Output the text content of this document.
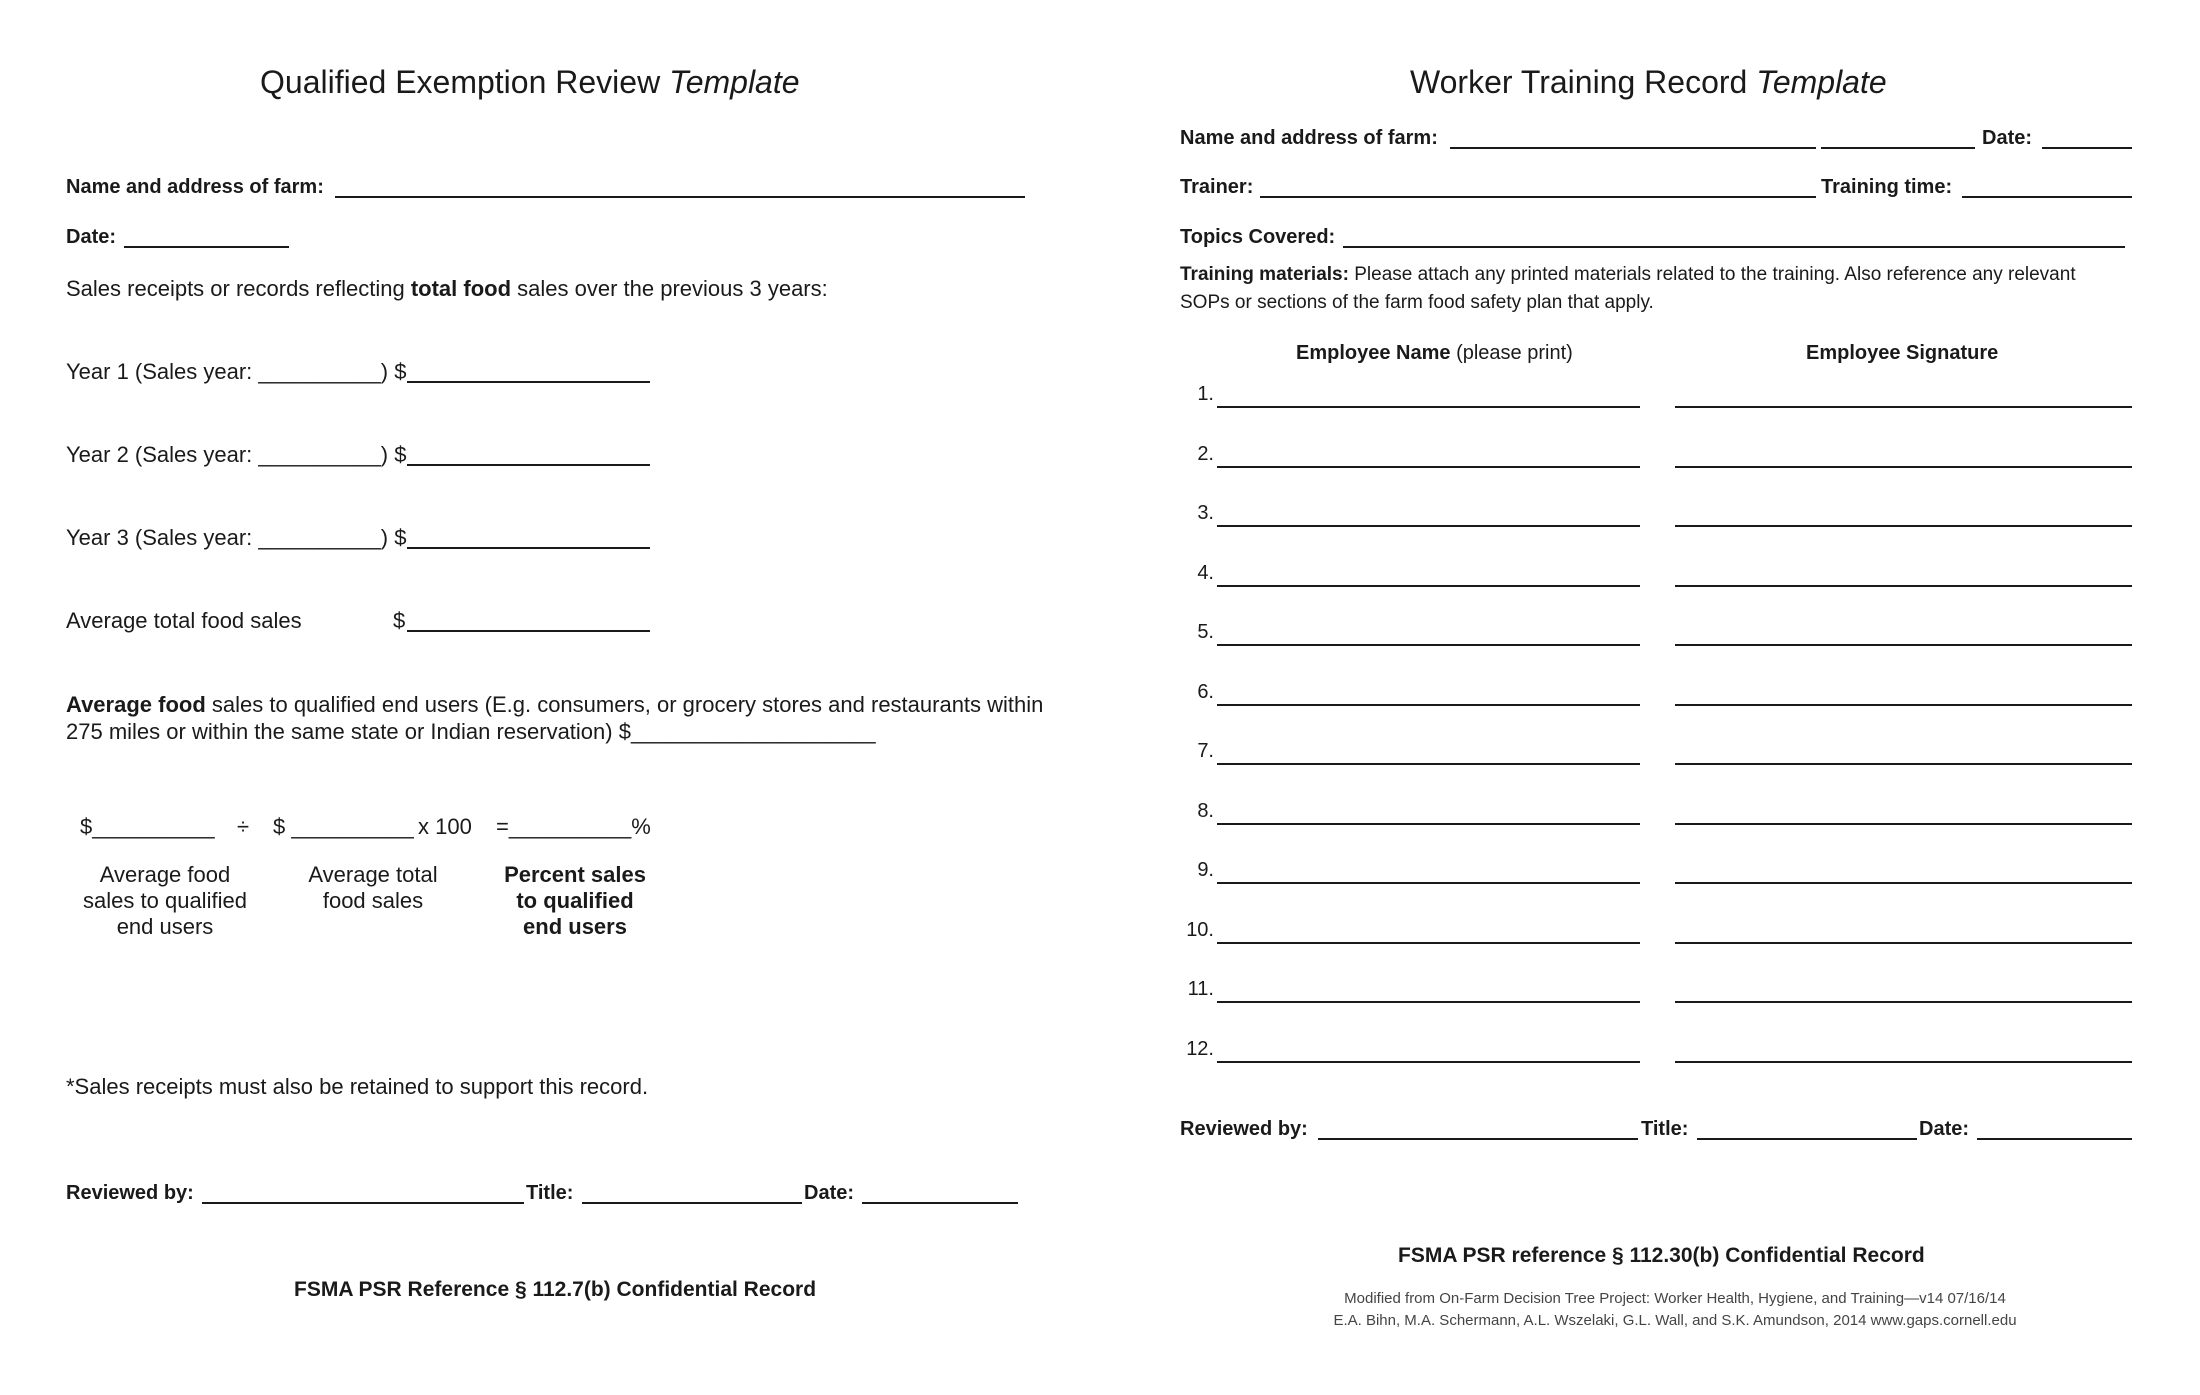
Qualified Exemption Review Template
Name and address of farm:
Date:
Sales receipts or records reflecting total food sales over the previous 3 years:
Year 1 (Sales year: __________) $
Year 2 (Sales year: __________) $
Year 3 (Sales year: __________) $
Average total food sales	$
Average food sales to qualified end users (E.g. consumers, or grocery stores and restaurants within
275 miles or within the same state or Indian reservation) $____________________
$__________ ÷ $ __________ x 100 =__________%
Average food
sales to qualified
end users
Average total
food sales
Percent sales
to qualified
end users
*Sales receipts must also be retained to support this record.
Reviewed by:	Title:	Date:
FSMA PSR Reference § 112.7(b) Confidential Record
Worker Training Record Template
Name and address of farm:	Date:
Trainer:	Training time:
Topics Covered:
Training materials: Please attach any printed materials related to the training. Also reference any relevant
SOPs or sections of the farm food safety plan that apply.
Employee Name (please print)	Employee Signature
1.
2.
3.
4.
5.
6.
7.
8.
9.
10.
11.
12.
Reviewed by:	Title:	Date:
FSMA PSR reference § 112.30(b) Confidential Record
Modified from On-Farm Decision Tree Project: Worker Health, Hygiene, and Training—v14 07/16/14
E.A. Bihn, M.A. Schermann, A.L. Wszelaki, G.L. Wall, and S.K. Amundson, 2014 www.gaps.cornell.edu
